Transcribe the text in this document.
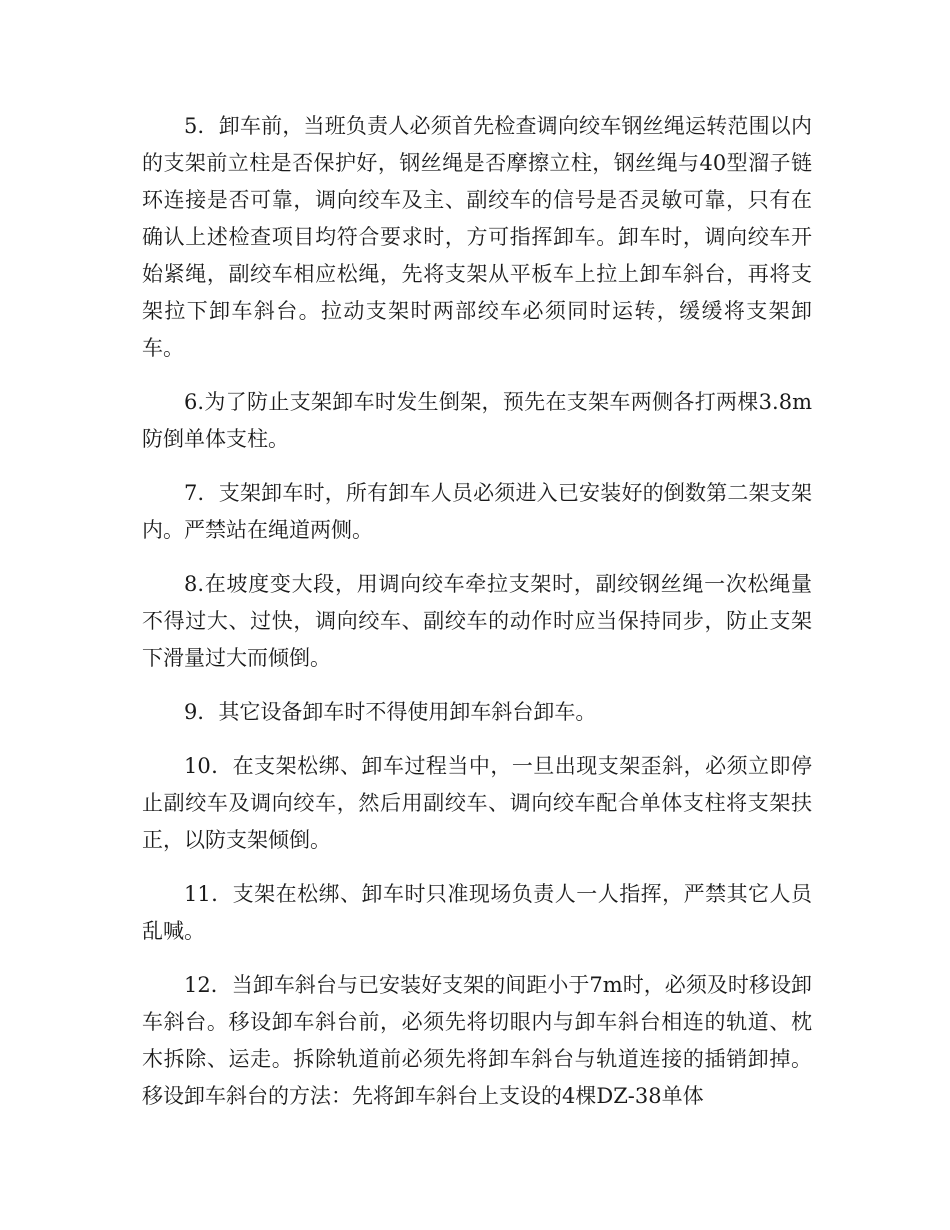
5．卸车前，当班负责人必须首先检查调向绞车钢丝绳运转范围以内的支架前立柱是否保护好，钢丝绳是否摩擦立柱，钢丝绳与40型溜子链环连接是否可靠，调向绞车及主、副绞车的信号是否灵敏可靠，只有在确认上述检查项目均符合要求时，方可指挥卸车。卸车时，调向绞车开始紧绳，副绞车相应松绳，先将支架从平板车上拉上卸车斜台，再将支架拉下卸车斜台。拉动支架时两部绞车必须同时运转，缓缓将支架卸车。

6.为了防止支架卸车时发生倒架，预先在支架车两侧各打两棵3.8m防倒单体支柱。

7．支架卸车时，所有卸车人员必须进入已安装好的倒数第二架支架内。严禁站在绳道两侧。

8.在坡度变大段，用调向绞车牵拉支架时，副绞钢丝绳一次松绳量不得过大、过快，调向绞车、副绞车的动作时应当保持同步，防止支架下滑量过大而倾倒。

9．其它设备卸车时不得使用卸车斜台卸车。

10．在支架松绑、卸车过程当中，一旦出现支架歪斜，必须立即停止副绞车及调向绞车，然后用副绞车、调向绞车配合单体支柱将支架扶正，以防支架倾倒。

11．支架在松绑、卸车时只准现场负责人一人指挥，严禁其它人员乱喊。

12．当卸车斜台与已安装好支架的间距小于7m时，必须及时移设卸车斜台。移设卸车斜台前，必须先将切眼内与卸车斜台相连的轨道、枕木拆除、运走。拆除轨道前必须先将卸车斜台与轨道连接的插销卸掉。移设卸车斜台的方法：先将卸车斜台上支设的4棵DZ-38单体
